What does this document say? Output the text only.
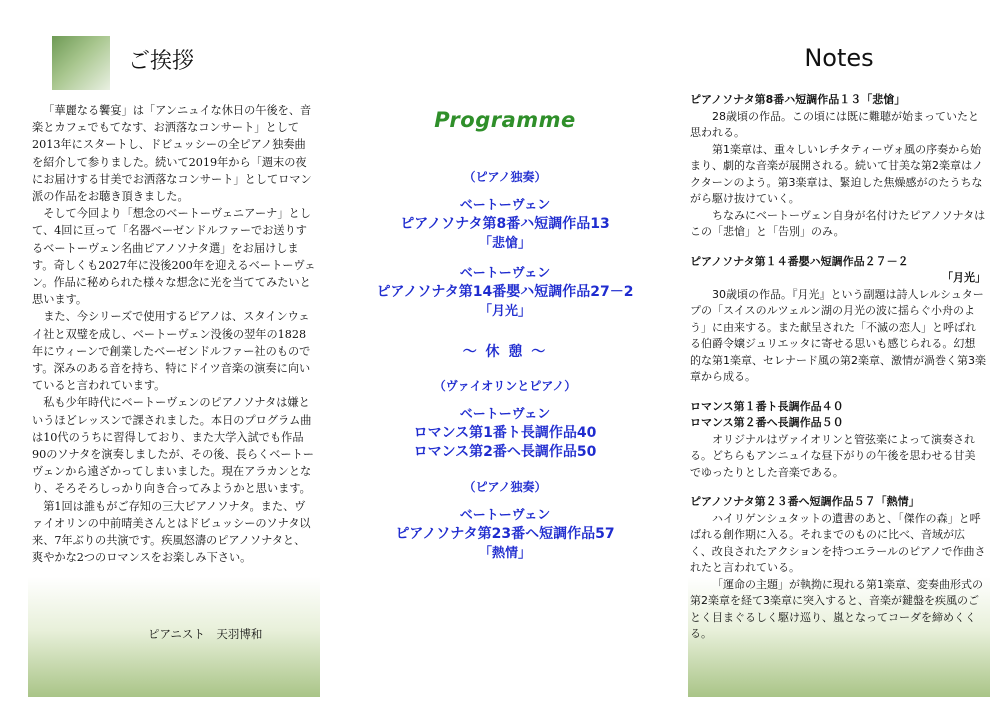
ご挨拶

「華麗なる饗宴」は「アンニュイな休日の午後を、音楽とカフェでもてなす、お洒落なコンサート」として2013年にスタートし、ドビュッシーの全ピアノ独奏曲を紹介して参りました。続いて2019年から「週末の夜にお届けする甘美でお洒落なコンサート」としてロマン派の作品をお聴き頂きました。

そして今回より「想念のベートーヴェニアーナ」として、4回に亘って「名器ベーゼンドルファーでお送りするベートーヴェン名曲ピアノソナタ選」をお届けします。奇しくも2027年に没後200年を迎えるベートーヴェン。作品に秘められた様々な想念に光を当ててみたいと思います。

また、今シリーズで使用するピアノは、スタインウェイ社と双璧を成し、ベートーヴェン没後の翌年の1828年にウィーンで創業したベーゼンドルファー社のものです。深みのある音を持ち、特にドイツ音楽の演奏に向いていると言われています。

私も少年時代にベートーヴェンのピアノソナタは嫌というほどレッスンで課されました。本日のプログラム曲は10代のうちに習得しており、また大学入試でも作品90のソナタを演奏しましたが、その後、長らくベートーヴェンから遠ざかってしまいました。現在アラカンとなり、そろそろしっかり向き合ってみようかと思います。

第1回は誰もがご存知の三大ピアノソナタ。また、ヴァイオリンの中前晴美さんとはドビュッシーのソナタ以来、7年ぶりの共演です。疾風怒濤のピアノソナタと、爽やかな2つのロマンスをお楽しみ下さい。

ピアニスト　天羽博和
Programme
（ピアノ独奏）
ベートーヴェン
ピアノソナタ第8番ハ短調作品13
「悲愴」
ベートーヴェン
ピアノソナタ第14番嬰ハ短調作品27－2
「月光」
～ 休 憩 ～
（ヴァイオリンとピアノ）
ベートーヴェン
ロマンス第1番ト長調作品40
ロマンス第2番ヘ長調作品50
（ピアノ独奏）
ベートーヴェン
ピアノソナタ第23番ヘ短調作品57
「熱情」
Notes
ピアノソナタ第8番ハ短調作品１３「悲愴」

28歳頃の作品。この頃には既に難聴が始まっていたと思われる。

第1楽章は、重々しいレチタティーヴォ風の序奏から始まり、劇的な音楽が展開される。続いて甘美な第2楽章はノクターンのよう。第3楽章は、緊迫した焦燥感がのたうちながら駆け抜けていく。

ちなみにベートーヴェン自身が名付けたピアノソナタはこの「悲愴」と「告別」のみ。

ピアノソナタ第１４番嬰ハ短調作品２７－２
「月光」

30歳頃の作品。『月光』という副題は詩人レルシュタープの「スイスのルツェルン湖の月光の波に揺らぐ小舟のよう」に由来する。また献呈された「不滅の恋人」と呼ばれる伯爵令嬢ジュリエッタに寄せる思いも感じられる。幻想的な第1楽章、セレナード風の第2楽章、激情が渦巻く第3楽章から成る。

ロマンス第１番ト長調作品４０
ロマンス第２番ヘ長調作品５０

オリジナルはヴァイオリンと管弦楽によって演奏される。どちらもアンニュイな昼下がりの午後を思わせる甘美でゆったりとした音楽である。

ピアノソナタ第２３番ヘ短調作品５７「熱情」

ハイリゲンシュタットの遺書のあと、「傑作の森」と呼ばれる創作期に入る。それまでのものに比べ、音域が広く、改良されたアクションを持つエラールのピアノで作曲されたと言われている。

「運命の主題」が執拗に現れる第1楽章、変奏曲形式の第2楽章を経て3楽章に突入すると、音楽が鍵盤を疾風のごとく目まぐるしく駆け巡り、嵐となってコーダを締めくくる。
